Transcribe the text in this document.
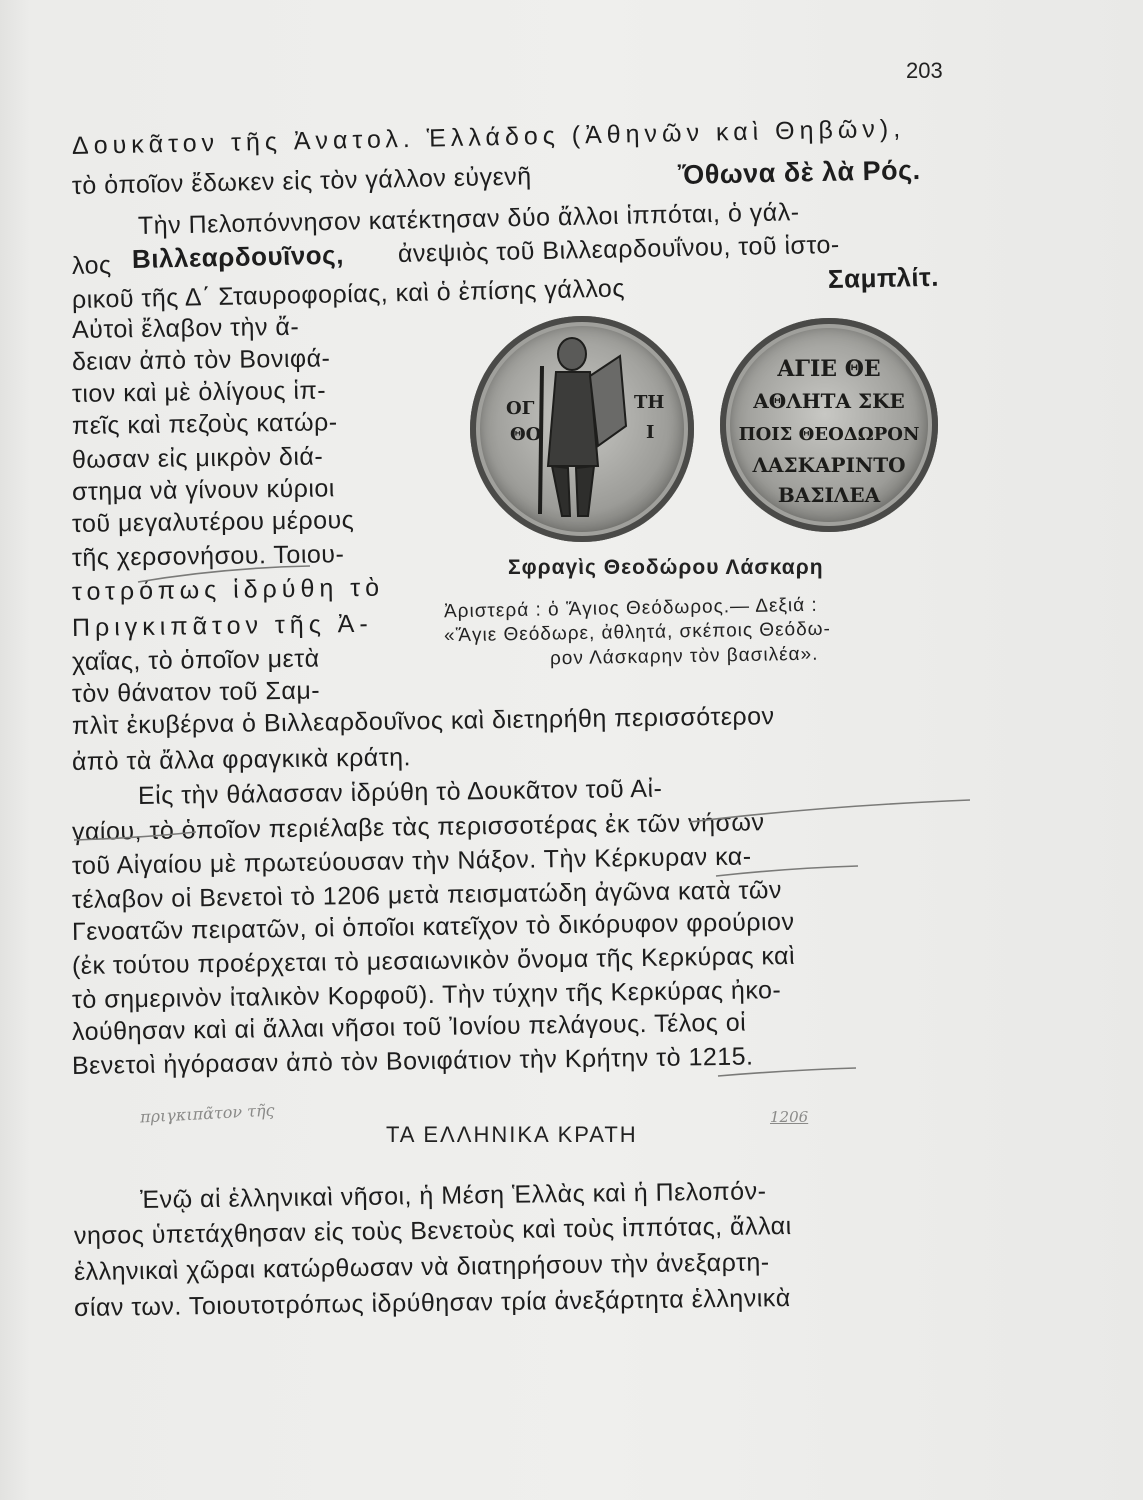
203
Δουκᾶτον τῆς Ἀνατολ. Ἑλλάδος (Ἀθηνῶν καὶ Θηβῶν),
τὸ ὁποῖον ἔδωκεν εἰς τὸν γάλλον εὐγενῆ	Ὄθωνα δὲ λὰ Ρός.
Τὴν Πελοπόννησον κατέκτησαν δύο ἄλλοι ἱππόται, ὁ γάλ-
λος Βιλλεαρδουῖνος, ἀνεψιὸς τοῦ Βιλλεαρδουΐνου, τοῦ ἱστο-
ρικοῦ τῆς Δ΄ Σταυροφορίας, καὶ ὁ ἐπίσης γάλλος	Σαμπλίτ.
Αὐτοὶ ἔλαβον τὴν ἄ-
δειαν ἀπὸ τὸν Βονιφά-
τιον καὶ μὲ ὀλίγους ἱπ-
πεῖς καὶ πεζοὺς κατώρ-
θωσαν εἰς μικρὸν διά-
στημα νὰ γίνουν κύριοι
τοῦ μεγαλυτέρου μέρους
τῆς χερσονήσου. Τοιου-
τοτρόπως ἱδρύθη τὸ
Πριγκιπᾶτον τῆς Ἀ-
χαΐας, τὸ ὁποῖον μετὰ
τὸν θάνατον τοῦ Σαμ-
πλὶτ ἐκυβέρνα ὁ Βιλλεαρδουῖνος καὶ διετηρήθη περισσότερον
ἀπὸ τὰ ἄλλα φραγκικὰ κράτη.
Εἰς τὴν θάλασσαν ἱδρύθη τὸ Δουκᾶτον τοῦ Αἰ-
γαίου, τὸ ὁποῖον περιέλαβε τὰς περισσοτέρας ἐκ τῶν νήσων
τοῦ Αἰγαίου μὲ πρωτεύουσαν τὴν Νάξον. Τὴν Κέρκυραν κα-
τέλαβον οἱ Βενετοὶ τὸ 1206 μετὰ πεισματώδη ἀγῶνα κατὰ τῶν
Γενοατῶν πειρατῶν, οἱ ὁποῖοι κατεῖχον τὸ δικόρυφον φρούριον
(ἐκ τούτου προέρχεται τὸ μεσαιωνικὸν ὄνομα τῆς Κερκύρας καὶ
τὸ σημερινὸν ἰταλικὸν Κορφοῦ). Τὴν τύχην τῆς Κερκύρας ἠκο-
λούθησαν καὶ αἱ ἄλλαι νῆσοι τοῦ Ἰονίου πελάγους. Τέλος οἱ
Βενετοὶ ἠγόρασαν ἀπὸ τὸν Βονιφάτιον τὴν Κρήτην τὸ 1215.
ΤΑ ΕΛΛΗΝΙΚΑ ΚΡΑΤΗ
πριγκιπᾶτον τῆς	1206
Ἐνῷ αἱ ἑλληνικαὶ νῆσοι, ἡ Μέση Ἑλλὰς καὶ ἡ Πελοπόν-
νησος ὑπετάχθησαν εἰς τοὺς Βενετοὺς καὶ τοὺς ἱππότας, ἄλλαι
ἑλληνικαὶ χῶραι κατώρθωσαν νὰ διατηρήσουν τὴν ἀνεξαρτη-
σίαν των. Τοιουτοτρόπως ἱδρύθησαν τρία ἀνεξάρτητα ἑλληνικὰ
ΟΓ
ΘΟ
ΤΗ
Ι
ΑΓΙΕ ΘΕ
ΑΘΛΗΤΑ ΣΚΕ
ΠΟΙΣ ΘΕΟΔΩΡΟΝ
ΛΑΣΚΑΡΙΝΤΟ
ΒΑΣΙΛΕΑ
Σφραγὶς Θεοδώρου Λάσκαρη
Ἀριστερά : ὁ Ἅγιος Θεόδωρος.— Δεξιά :
«Ἅγιε Θεόδωρε, ἀθλητά, σκέποις Θεόδω-
ρον Λάσκαρην τὸν βασιλέα».
